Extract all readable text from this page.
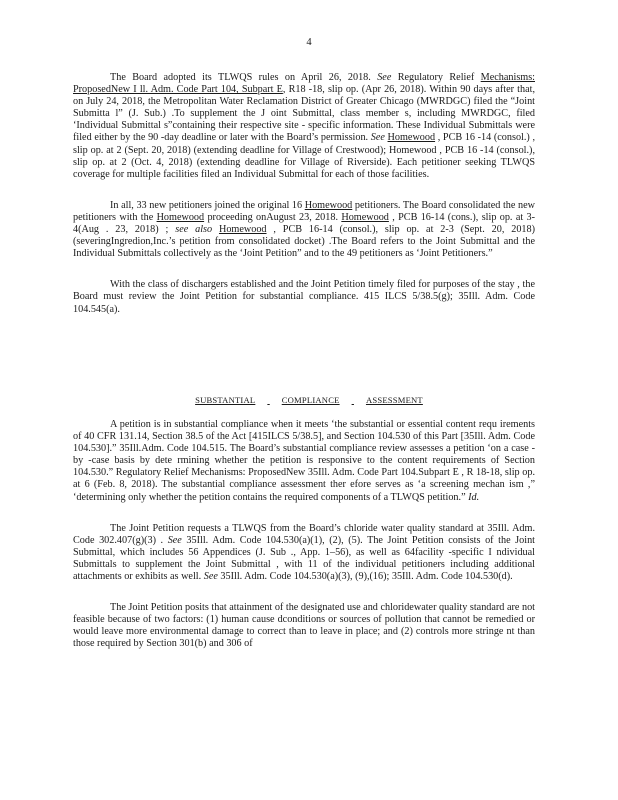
4

The Board adopted its TLWQS rules on April 26, 2018. See Regulatory Relief Mechanisms: ProposedNew I ll. Adm. Code Part 104, Subpart E, R18 -18, slip op. (Apr 26, 2018). Within 90 days after that, on July 24, 2018, the Metropolitan Water Reclamation District of Greater Chicago (MWRDGC) filed the “Joint Submitta l” (J. Sub.) .To supplement the J oint Submittal, class member s, including MWRDGC, filed ‘Individual Submittal s”containing their respective site - specific information. These Individual Submittals were filed either by the 90 -day deadline or later with the Board’s permission. See Homewood , PCB 16 -14 (consol.) , slip op. at 2 (Sept. 20, 2018) (extending deadline for Village of Crestwood); Homewood , PCB 16 -14 (consol.), slip op. at 2 (Oct. 4, 2018) (extending deadline for Village of Riverside). Each petitioner seeking TLWQS coverage for multiple facilities filed an Individual Submittal for each of those facilities.

In all, 33 new petitioners joined the original 16 Homewood petitioners. The Board consolidated the new petitioners with the Homewood proceeding onAugust 23, 2018. Homewood , PCB 16-14 (cons.), slip op. at 3- 4(Aug . 23, 2018) ; see also Homewood , PCB 16-14 (consol.), slip op. at 2-3 (Sept. 20, 2018) (severingIngredion,Inc.’s petition from consolidated docket) .The Board refers to the Joint Submittal and the Individual Submittals collectively as the ‘Joint Petition” and to the 49 petitioners as ‘Joint Petitioners.”

With the class of dischargers established and the Joint Petition timely filed for purposes of the stay , the Board must review the Joint Petition for substantial compliance. 415 ILCS 5/38.5(g); 35Ill. Adm. Code 104.545(a).

SUBSTANTIAL	COMPLIANCE	ASSESSMENT

A petition is in substantial compliance when it meets ‘the substantial or essential content requ irements of 40 CFR 131.14, Section 38.5 of the Act [415ILCS 5/38.5], and Section 104.530 of this Part [35Ill. Adm. Code 104.530].” 35Ill.Adm. Code 104.515. The Board’s substantial compliance review assesses a petition ‘on a case -by -case basis by dete rmining whether the petition is responsive to the content requirements of Section 104.530.” Regulatory Relief Mechanisms: ProposedNew 35Ill. Adm. Code Part 104.Subpart E , R 18-18, slip op. at 6 (Feb. 8, 2018). The substantial compliance assessment ther efore serves as ‘a screening mechan ism ,” ‘determining only whether the petition contains the required components of a TLWQS petition.” Id.

The Joint Petition requests a TLWQS from the Board’s chloride water quality standard at 35Ill. Adm. Code 302.407(g)(3) . See 35Ill. Adm. Code 104.530(a)(1), (2), (5). The Joint Petition consists of the Joint Submittal, which includes 56 Appendices (J. Sub ., App. 1–56), as well as 64facility -specific I ndividual Submittals to supplement the Joint Submittal , with 11 of the individual petitioners including additional attachments or exhibits as well. See 35Ill. Adm. Code 104.530(a)(3), (9),(16); 35Ill. Adm. Code 104.530(d).

The Joint Petition posits that attainment of the designated use and chloridewater quality standard are not feasible because of two factors: (1) human cause dconditions or sources of pollution that cannot be remedied or would leave more environmental damage to correct than to leave in place; and (2) controls more stringe nt than those required by Section 301(b) and 306 of
